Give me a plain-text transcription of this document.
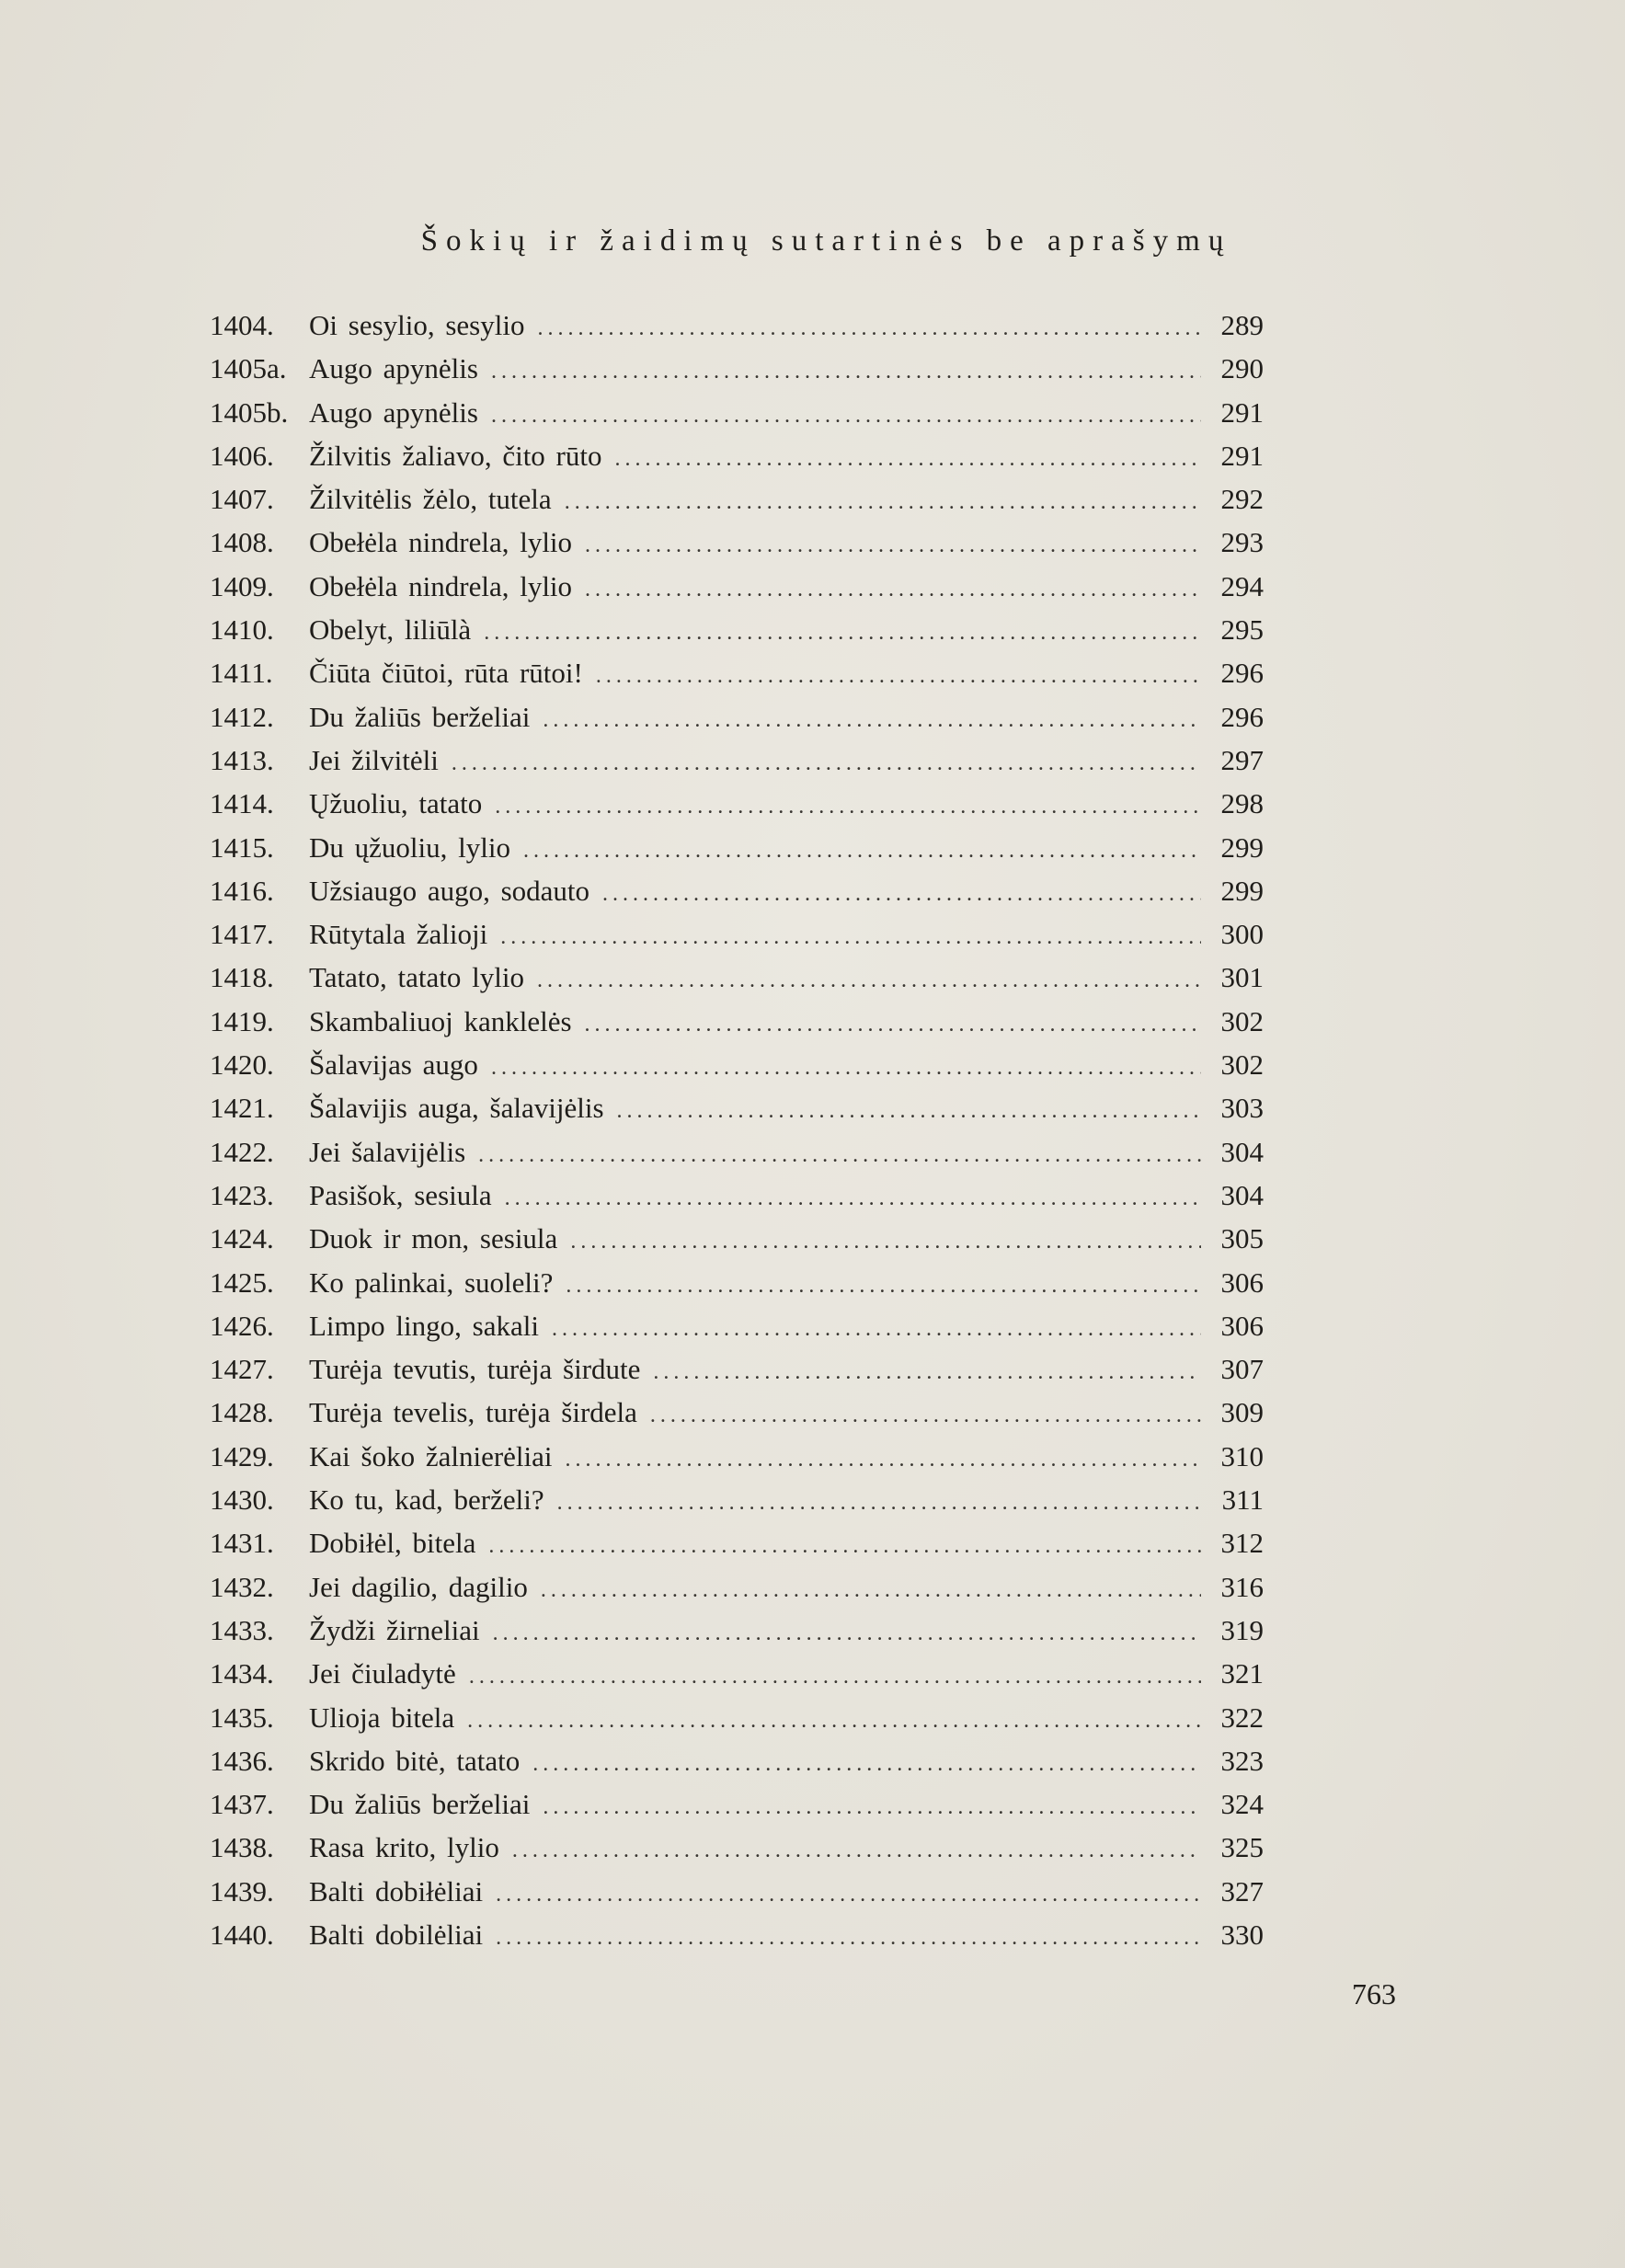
Šokių ir žaidimų sutartinės be aprašymų
1404.	Oi sesylio, sesylio .....	289
1405a. Augo apynėlis .....	290
1405b. Augo apynėlis .....	291
1406.	Žilvitis žaliavo, čito rūto .....	291
1407.	Žilvitėlis žėlo, tutela .....	292
1408.	Obełėla nindrela, lylio .....	293
1409.	Obełėla nindrela, lylio .....	294
1410.	Obelyt, liliūlà .....	295
1411.	Čiūta čiūtoi, rūta rūtoi! .....	296
1412.	Du žaliūs berželiai .....	296
1413.	Jei žilvitėli .....	297
1414.	Ųžuoliu, tatato .....	298
1415.	Du ųžuoliu, lylio .....	299
1416.	Užsiaugo augo, sodauto .....	299
1417.	Rūtytala žalioji .....	300
1418.	Tatato, tatato lylio .....	301
1419.	Skambaliuoj kanklelės .....	302
1420.	Šalavijas augo .....	302
1421.	Šalavijis auga, šalavijėlis .....	303
1422.	Jei šalavijėlis .....	304
1423.	Pasišok, sesiula .....	304
1424.	Duok ir mon, sesiula .....	305
1425.	Ko palinkai, suoleli? .....	306
1426.	Limpo lingo, sakali .....	306
1427.	Turėja tevutis, turėja širdute .....	307
1428.	Turėja tevelis, turėja širdela .....	309
1429.	Kai šoko žalnierėliai .....	310
1430.	Ko tu, kad, berželi? .....	311
1431.	Dobiłėl, bitela .....	312
1432.	Jei dagilio, dagilio .....	316
1433.	Žydži žirneliai .....	319
1434.	Jei čiuladytė .....	321
1435.	Ulioja bitela .....	322
1436.	Skrido bitė, tatato .....	323
1437.	Du žaliūs berželiai .....	324
1438.	Rasa krito, lylio .....	325
1439.	Balti dobiłėliai .....	327
1440.	Balti dobilėliai .....	330
763
